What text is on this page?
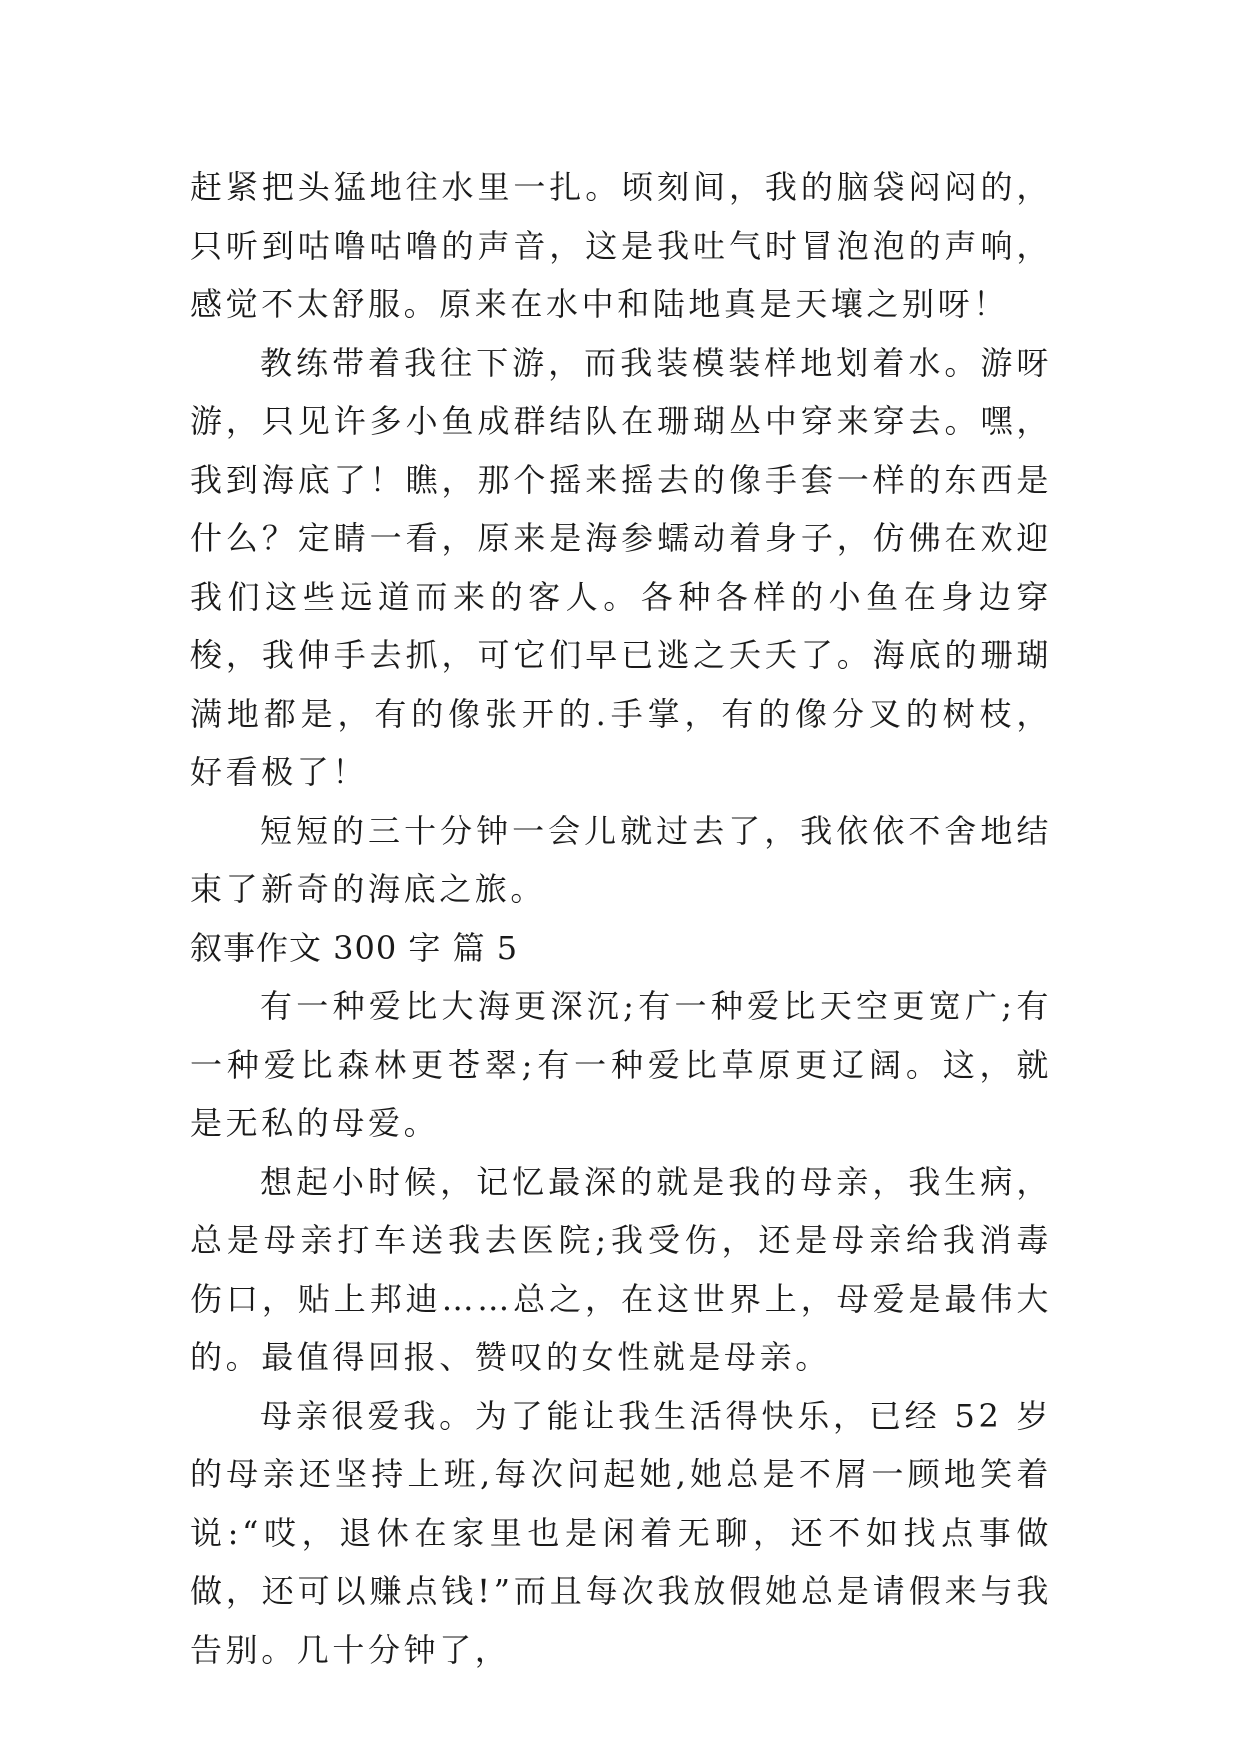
赶紧把头猛地往水里一扎。顷刻间，我的脑袋闷闷的，只听到咕噜咕噜的声音，这是我吐气时冒泡泡的声响，感觉不太舒服。原来在水中和陆地真是天壤之别呀！

教练带着我往下游，而我装模装样地划着水。游呀游，只见许多小鱼成群结队在珊瑚丛中穿来穿去。嘿，我到海底了！瞧，那个摇来摇去的像手套一样的东西是什么？定睛一看，原来是海参蠕动着身子，仿佛在欢迎我们这些远道而来的客人。各种各样的小鱼在身边穿梭，我伸手去抓，可它们早已逃之夭夭了。海底的珊瑚满地都是，有的像张开的.手掌，有的像分叉的树枝，好看极了！

短短的三十分钟一会儿就过去了，我依依不舍地结束了新奇的海底之旅。

叙事作文 300 字 篇 5

有一种爱比大海更深沉;有一种爱比天空更宽广;有一种爱比森林更苍翠;有一种爱比草原更辽阔。这，就是无私的母爱。

想起小时候，记忆最深的就是我的母亲，我生病，总是母亲打车送我去医院;我受伤，还是母亲给我消毒伤口，贴上邦迪……总之，在这世界上，母爱是最伟大的。最值得回报、赞叹的女性就是母亲。

母亲很爱我。为了能让我生活得快乐，已经 52 岁的母亲还坚持上班,每次问起她,她总是不屑一顾地笑着说:“哎，退休在家里也是闲着无聊，还不如找点事做做，还可以赚点钱!”而且每次我放假她总是请假来与我告别。几十分钟了，
